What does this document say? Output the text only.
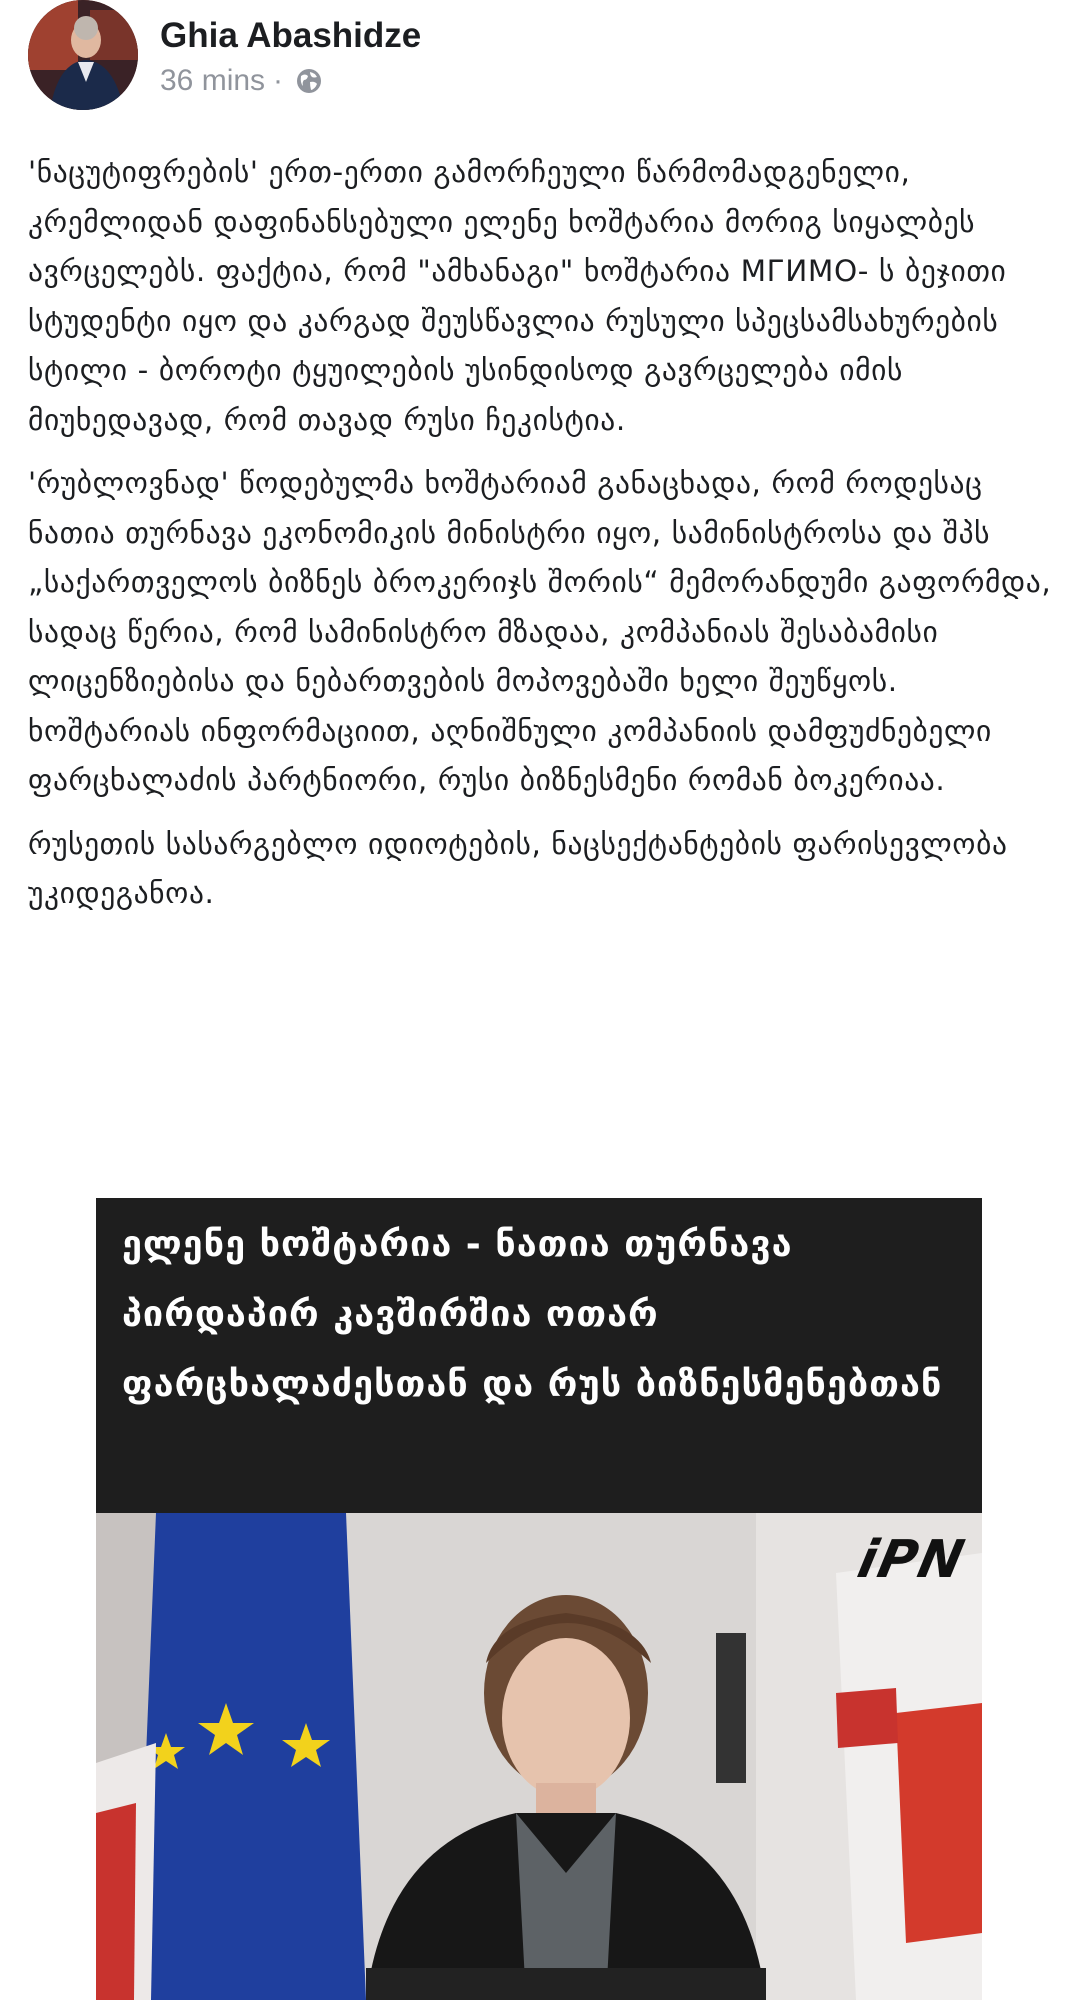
Ghia Abashidze
36 mins ·

'ნაცუტიფრების' ერთ-ერთი გამორჩეული წარმომადგენელი, კრემლიდან დაფინანსებული ელენე ხოშტარია მორიგ სიყალბეს ავრცელებს. ფაქტია, რომ "ამხანაგი" ხოშტარია МГИМО- ს ბეჯითი სტუდენტი იყო და კარგად შეუსწავლია რუსული სპეცსამსახურების სტილი - ბოროტი ტყუილების უსინდისოდ გავრცელება იმის მიუხედავად, რომ თავად რუსი ჩეკისტია.

'რუბლოვნად' წოდებულმა ხოშტარიამ განაცხადა, რომ როდესაც ნათია თურნავა ეკონომიკის მინისტრი იყო, სამინისტროსა და შპს „საქართველოს ბიზნეს ბროკერიჯს შორის“ მემორანდუმი გაფორმდა, სადაც წერია, რომ სამინისტრო მზადაა, კომპანიას შესაბამისი ლიცენზიებისა და ნებართვების მოპოვებაში ხელი შეუწყოს.

ხოშტარიას ინფორმაციით, აღნიშნული კომპანიის დამფუძნებელი ფარცხალაძის პარტნიორი, რუსი ბიზნესმენი რომან ბოკერიაა.

რუსეთის სასარგებლო იდიოტების, ნაცსექტანტების ფარისევლობა უკიდეგანოა.

ელენე ხოშტარია - ნათია თურნავა პირდაპირ კავშირშია ოთარ ფარცხალაძესთან და რუს ბიზნესმენებთან
iPN
